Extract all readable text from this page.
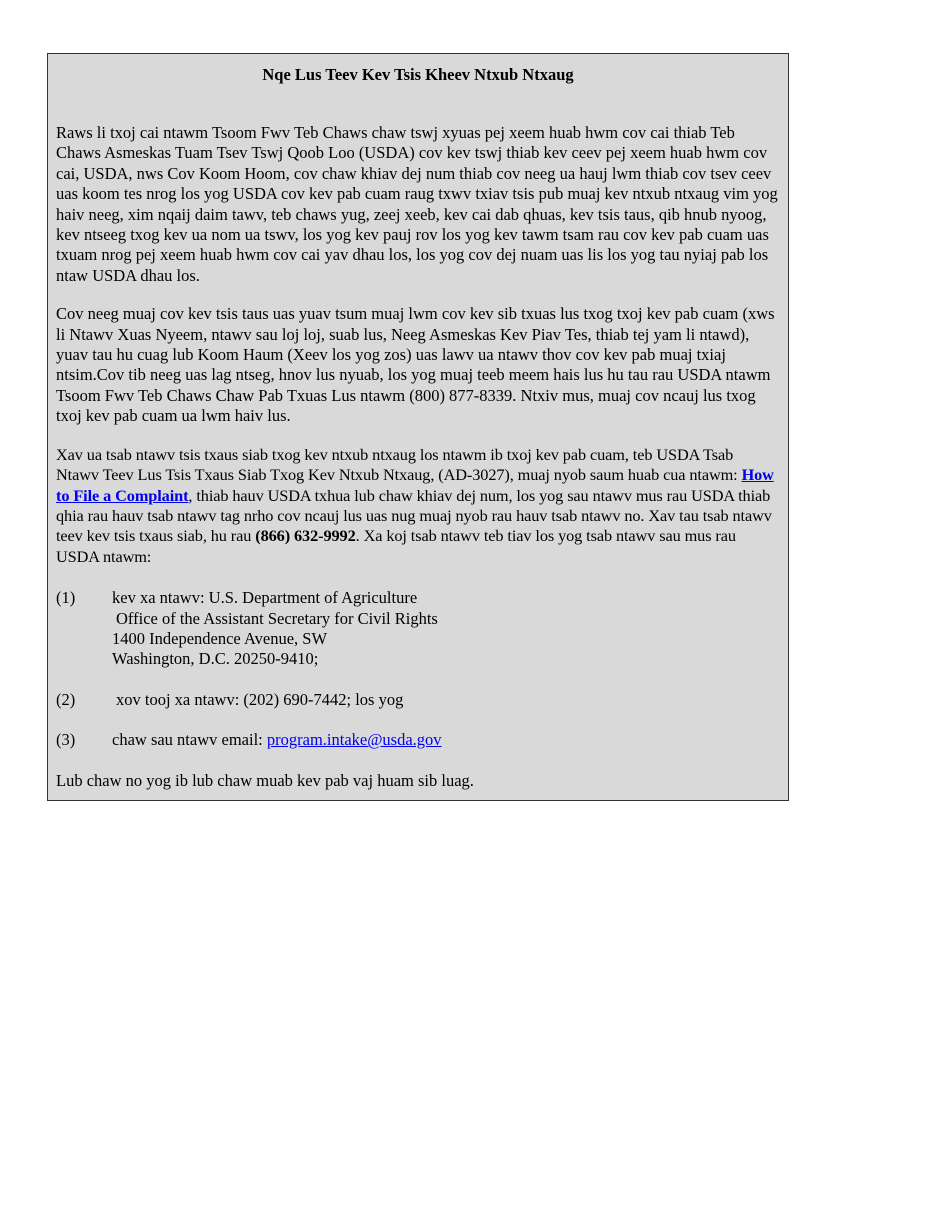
Nqe Lus Teev Kev Tsis Kheev Ntxub Ntxaug

Raws li txoj cai ntawm Tsoom Fwv Teb Chaws chaw tswj xyuas pej xeem huab hwm cov cai thiab Teb Chaws Asmeskas Tuam Tsev Tswj Qoob Loo (USDA) cov kev tswj thiab kev ceev pej xeem huab hwm cov cai, USDA, nws Cov Koom Hoom, cov chaw khiav dej num thiab cov neeg ua hauj lwm thiab cov tsev ceev uas koom tes nrog los yog USDA cov kev pab cuam raug txwv txiav tsis pub muaj kev ntxub ntxaug vim yog haiv neeg, xim nqaij daim tawv, teb chaws yug, zeej xeeb, kev cai dab qhuas, kev tsis taus, qib hnub nyoog, kev ntseeg txog kev ua nom ua tswv, los yog kev pauj rov los yog kev tawm tsam rau cov kev pab cuam uas txuam nrog pej xeem huab hwm cov cai yav dhau los, los yog cov dej nuam uas lis los yog tau nyiaj pab los ntaw USDA dhau los.

Cov neeg muaj cov kev tsis taus uas yuav tsum muaj lwm cov kev sib txuas lus txog txoj kev pab cuam (xws li Ntawv Xuas Nyeem, ntawv sau loj loj, suab lus, Neeg Asmeskas Kev Piav Tes, thiab tej yam li ntawd), yuav tau hu cuag lub Koom Haum (Xeev los yog zos) uas lawv ua ntawv thov cov kev pab muaj txiaj ntsim.Cov tib neeg uas lag ntseg, hnov lus nyuab, los yog muaj teeb meem hais lus hu tau rau USDA ntawm Tsoom Fwv Teb Chaws Chaw Pab Txuas Lus ntawm (800) 877-8339. Ntxiv mus, muaj cov ncauj lus txog txoj kev pab cuam ua lwm haiv lus.

Xav ua tsab ntawv tsis txaus siab txog kev ntxub ntxaug los ntawm ib txoj kev pab cuam, teb USDA Tsab Ntawv Teev Lus Tsis Txaus Siab Txog Kev Ntxub Ntxaug, (AD-3027), muaj nyob saum huab cua ntawm: How to File a Complaint, thiab hauv USDA txhua lub chaw khiav dej num, los yog sau ntawv mus rau USDA thiab qhia rau hauv tsab ntawv tag nrho cov ncauj lus uas nug muaj nyob rau hauv tsab ntawv no. Xav tau tsab ntawv teev kev tsis txaus siab, hu rau (866) 632-9992. Xa koj tsab ntawv teb tiav los yog tsab ntawv sau mus rau USDA ntawm:

(1) kev xa ntawv: U.S. Department of Agriculture
Office of the Assistant Secretary for Civil Rights
1400 Independence Avenue, SW
Washington, D.C. 20250-9410;
(2) xov tooj xa ntawv: (202) 690-7442; los yog
(3)	chaw sau ntawv email: program.intake@usda.gov

Lub chaw no yog ib lub chaw muab kev pab vaj huam sib luag.
